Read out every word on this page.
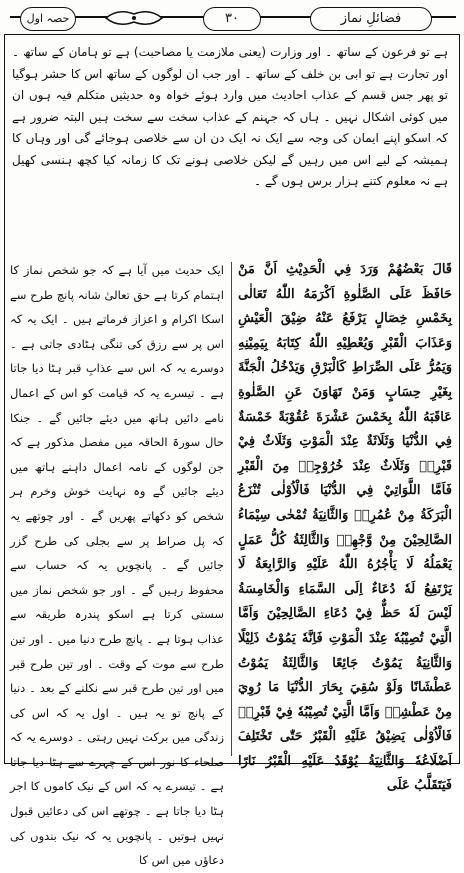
حصہ اول	۳۰	فضائلِ نماز

ہے تو فرعون کے ساتھ ۔ اور وزارت (یعنی ملازمت یا مصاحبت) ہے تو ہامان کے ساتھ ۔ اور تجارت ہے تو ابی بن خلف کے ساتھ ۔ اور جب ان لوگوں کے ساتھ اس کا حشر ہوگیا تو پھر جس قسم کے عذاب احادیث میں وارد ہوئے خواہ وہ حدیثیں متکلم فیہ ہوں ان میں کوئی اشکال نہیں ۔ ہاں کہ جہنم کے عذاب سخت سے سخت ہیں البتہ ضرور ہے کہ اسکو اپنے ایمان کی وجہ سے ایک نہ ایک دن ان سے خلاصی ہوجائے گی اور وہاں کا ہمیشہ کے لیے اس میں رہیں گے لیکن خلاصی ہونے تک کا زمانہ کیا کچھ ہنسی کھیل ہے نہ معلوم کتنے ہزار برس ہوں گے ۔

قَالَ بَعْضُهُمْ وَرَدَ فِي الْحَدِيْثِ اَنَّ مَنْ حَافَظَ عَلَى الصَّلٰوةِ اَكْرَمَهُ اللّٰهُ تَعَالٰى بِخَمْسِ خِصَالٍ يَرْفَعُ عَنْهُ ضِيْقَ الْعَيْشِ وَعَذَابَ الْقَبْرِ وَيُعْطِيْهِ اللّٰهُ كِتَابَهُ بِيَمِيْنِهِ وَيَمُرُّ عَلَى الصِّرَاطِ كَالْبَرْقِ وَيَدْخُلُ الْجَنَّةَ بِغَيْرِ حِسَابٍ وَمَنْ تَهَاوَنَ عَنِ الصَّلٰوةِ عَاقَبَهُ اللّٰهُ بِخَمْسَ عَشْرَةَ عُقُوْبَةً خَمْسَةٌ فِي الدُّنْيَا وَثَلَاثَةٌ عِنْدَ الْمَوْتِ وَثَلَاثٌ فِيْ قَبْرِهٖ وَثَلَاثٌ عِنْدَ خُرُوْجِهٖ مِنَ الْقَبْرِ فَاَمَّا اللَّوَاتِيْ فِي الدُّنْيَا فَالْاُوْلٰى تُنْزَعُ الْبَرَكَةُ مِنْ عُمُرِهٖ وَالثَّانِيَةُ تُمْحٰى سِيْمَاءُ الصَّالِحِيْنَ مِنْ وَّجْهِهٖ وَالثَّالِثَةُ كُلُّ عَمَلٍ يَعْمَلُهُ لَا يَأْجُرُهُ اللّٰهُ عَلَيْهِ وَالرَّابِعَةُ لَا يَرْتَفِعُ لَهٗ دُعَاءٌ اِلَى السَّمَاءِ وَالْخَامِسَةُ لَيْسَ لَهٗ حَظٌّ فِيْ دُعَاءِ الصَّالِحِيْنَ وَاَمَّا الَّتِيْ تُصِيْبُهٗ عِنْدَ الْمَوْتِ فَاِنَّهٗ يَمُوْتُ ذَلِيْلًا وَالثَّانِيَةُ يَمُوْتُ جَائِعًا وَالثَّالِثَةُ يَمُوْتُ عَطْشَانًا وَلَوْ سُقِيَ بِحَارَ الدُّنْيَا مَا رُوِيَ مِنْ عَطْشِهٖ وَاَمَّا الَّتِيْ تُصِيْبُهٗ فِيْ قَبْرِهٖ فَالْاُوْلٰى يَضِيْقُ عَلَيْهِ الْقَبْرُ حَتّٰى تَخْتَلِفَ اَضْلَاعُهٗ وَالثَّانِيَةُ يُوْقَدُ عَلَيْهِ الْقَبْرُ نَارًا فَيَتَقَلَّبُ عَلَى

ایک حدیث میں آیا ہے کہ جو شخص نماز کا اہتمام کرتا ہے حق تعالیٰ شانہ پانچ طرح سے اسکا اکرام و اعزاز فرماتے ہیں ۔ ایک یہ کہ اس پر سے رزق کی تنگی ہٹادی جاتی ہے ۔ دوسرے یہ کہ اس سے عذابِ قبر ہٹا دیا جاتا ہے ۔ تیسرے یہ کہ قیامت کو اس کے اعمال نامے دائیں ہاتھ میں دیئے جائیں گے ۔ جنکا حال سورۃ الحاقہ میں مفصل مذکور ہے کہ جن لوگوں کے نامہ اعمال داہنے ہاتھ میں دیئے جائیں گے وہ نہایت خوش وخرم ہر شخص کو دکھاتے پھریں گے ۔ اور چوتھے یہ کہ پل صراط پر سے بجلی کی طرح گزر جائیں گے ۔ پانچویں یہ کہ حساب سے محفوظ رہیں گے ۔ اور جو شخص نماز میں سستی کرتا ہے اسکو پندرہ طریقہ سے عذاب ہوتا ہے ۔ پانچ طرح دنیا میں ۔ اور تین طرح سے موت کے وقت ۔ اور تین طرح قبر میں اور تین طرح قبر سے نکلنے کے بعد ۔ دنیا کے پانچ تو یہ ہیں ۔ اول یہ کہ اس کی زندگی میں برکت نہیں رہتی ۔ دوسرے یہ کہ صلحاء کا نور اس کے چہرے سے ہٹا دیا جاتا ہے ۔ تیسرے یہ کہ اس کے نیک کاموں کا اجر ہٹا دیا جاتا ہے ۔ چوتھے اس کی دعائیں قبول نہیں ہوتیں ۔ پانچویں یہ کہ نیک بندوں کی دعاؤں میں اس کا
